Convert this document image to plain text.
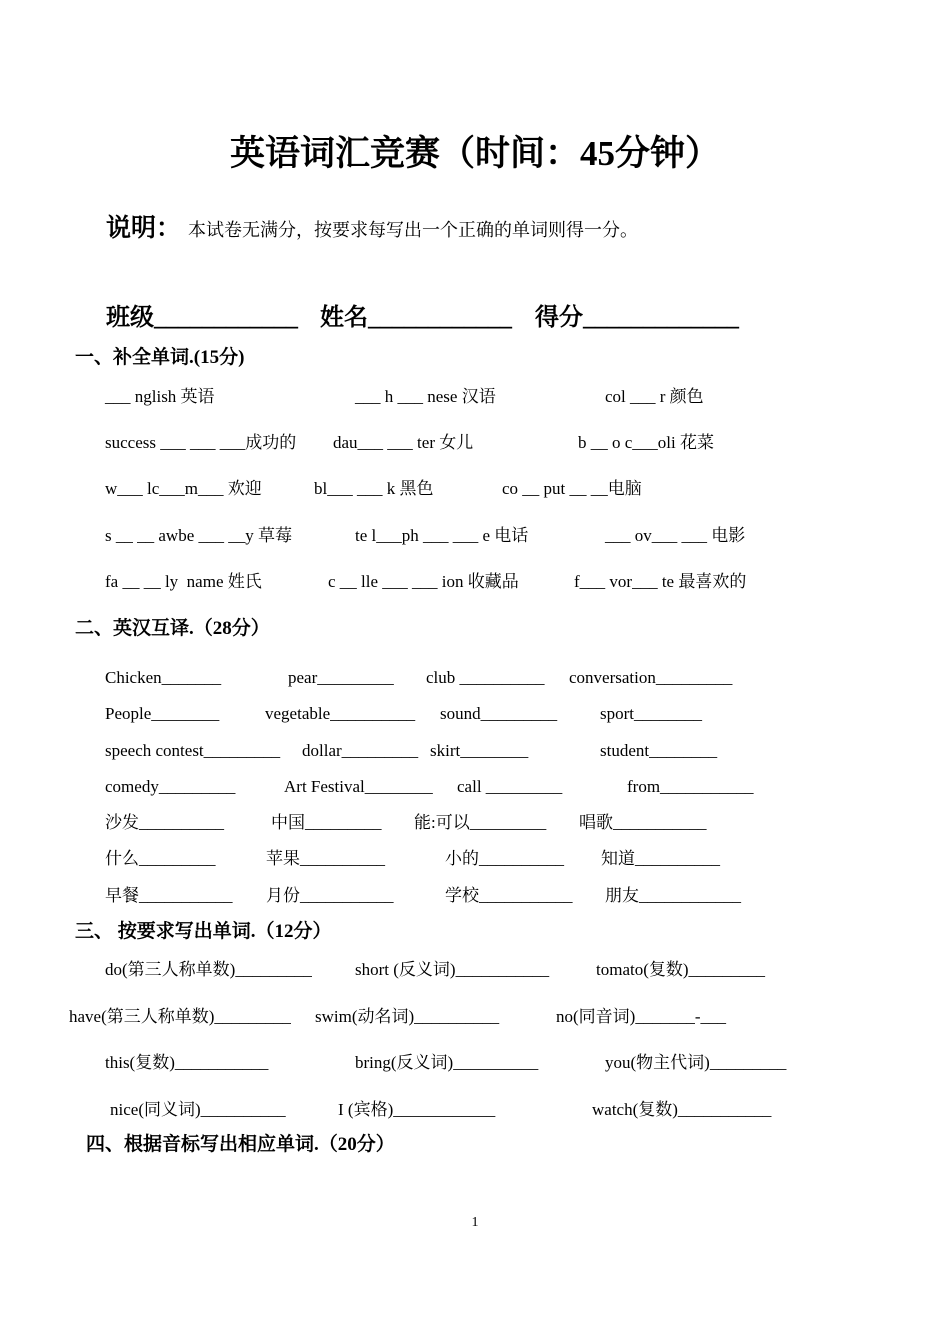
英语词汇竞赛（时间：45分钟）
说明： 本试卷无满分，按要求每写出一个正确的单词则得一分。
班级____________ 姓名____________ 得分_____________
一、补全单词.(15分)
___ nglish 英语	___ h ___ nese 汉语	col ___ r 颜色
success ___ ___ ___成功的 dau___ ___ ter 女儿	b __ o c___oli 花菜
w___ lc___m___ 欢迎	bl___ ___ k 黑色	co __ put __ __电脑
s __ __ awbe ___ __y 草莓	te l___ph ___ ___ e 电话	___ ov___ ___ 电影
fa __ __ ly  name 姓氏	c __ lle ___ ___ ion 收藏品	f___ vor___ te 最喜欢的
二、英汉互译.（28分）
Chicken_______	pear_________ club __________ conversation_________
People________	vegetable__________ sound_________	sport________
speech contest_________ dollar_________ skirt________	student________
comedy_________	Art Festival________ call _________	from___________
沙发__________	中国_________ 能:可以_________ 唱歌___________
什么_________	苹果__________	小的__________ 知道__________
早餐___________ 月份___________	学校___________ 朋友____________
三、 按要求写出单词.（12分）
do(第三人称单数)_________	short (反义词)___________	tomato(复数)_________
have(第三人称单数)_________ swim(动名词)__________	no(同音词)_______-___
this(复数)___________	bring(反义词)__________	you(物主代词)_________
nice(同义词)__________	I (宾格)____________	watch(复数)___________
四、根据音标写出相应单词.（20分）
1
